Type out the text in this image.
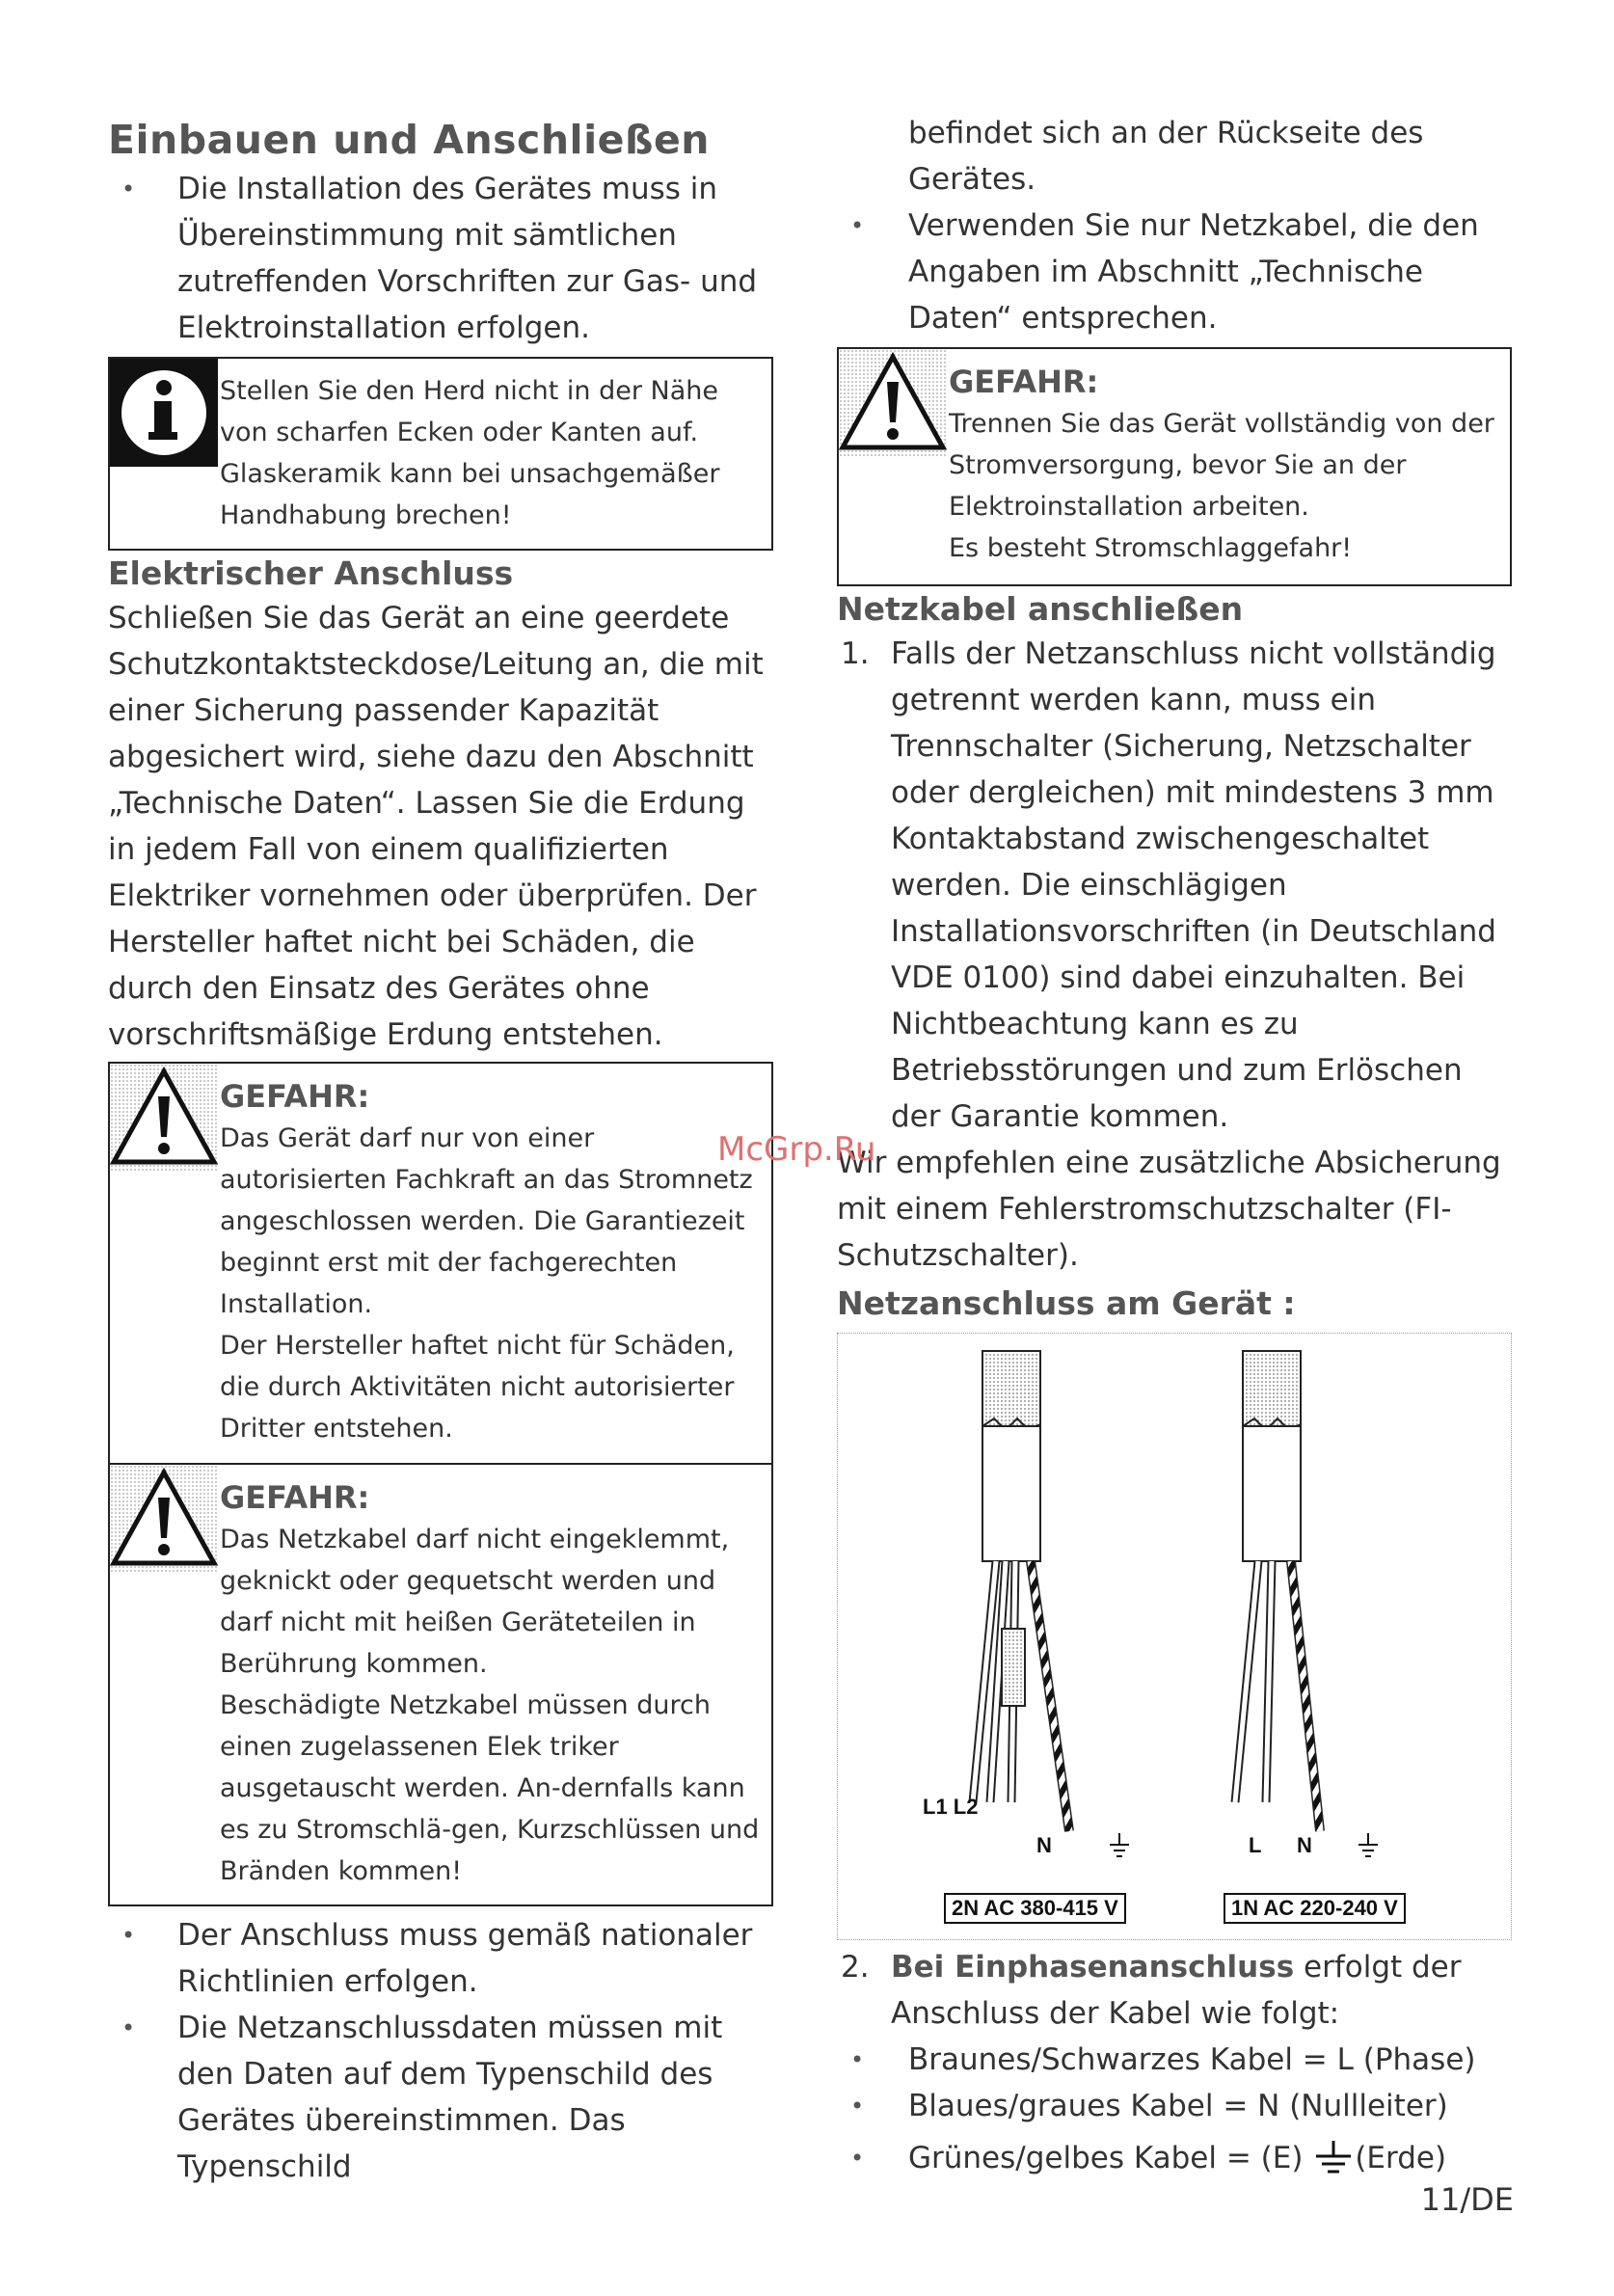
Einbauen und Anschließen
• Die Installation des Gerätes muss in Übereinstimmung mit sämtlichen zutreffenden Vorschriften zur Gas- und Elektroinstallation erfolgen.
Stellen Sie den Herd nicht in der Nähe von scharfen Ecken oder Kanten auf. Glaskeramik kann bei unsachgemäßer Handhabung brechen!
Elektrischer Anschluss
Schließen Sie das Gerät an eine geerdete Schutzkontaktsteckdose/Leitung an, die mit einer Sicherung passender Kapazität abgesichert wird, siehe dazu den Abschnitt „Technische Daten“. Lassen Sie die Erdung in jedem Fall von einem qualifizierten Elektriker vornehmen oder überprüfen. Der Hersteller haftet nicht bei Schäden, die durch den Einsatz des Gerätes ohne vorschriftsmäßige Erdung entstehen.
GEFAHR:
Das Gerät darf nur von einer autorisierten Fachkraft an das Stromnetz angeschlossen werden. Die Garantiezeit beginnt erst mit der fachgerechten Installation.
Der Hersteller haftet nicht für Schäden, die durch Aktivitäten nicht autorisierter Dritter entstehen.
GEFAHR:
Das Netzkabel darf nicht eingeklemmt, geknickt oder gequetscht werden und darf nicht mit heißen Geräteteilen in Berührung kommen.
Beschädigte Netzkabel müssen durch einen zugelassenen Elek triker ausgetauscht werden. An-dernfalls kann es zu Stromschlä-gen, Kurzschlüssen und Bränden kommen!
• Der Anschluss muss gemäß nationaler Richtlinien erfolgen.
• Die Netzanschlussdaten müssen mit den Daten auf dem Typenschild des Gerätes übereinstimmen. Das Typenschild
befindet sich an der Rückseite des Gerätes.
• Verwenden Sie nur Netzkabel, die den Angaben im Abschnitt „Technische Daten“ entsprechen.
GEFAHR:
Trennen Sie das Gerät vollständig von der Stromversorgung, bevor Sie an der Elektroinstallation arbeiten.
Es besteht Stromschlaggefahr!
Netzkabel anschließen
1. Falls der Netzanschluss nicht vollständig getrennt werden kann, muss ein Trennschalter (Sicherung, Netzschalter oder dergleichen) mit mindestens 3 mm Kontaktabstand zwischengeschaltet werden. Die einschlägigen Installationsvorschriften (in Deutschland VDE 0100) sind dabei einzuhalten. Bei Nichtbeachtung kann es zu Betriebsstörungen und zum Erlöschen der Garantie kommen.
Wir empfehlen eine zusätzliche Absicherung mit einem Fehlerstromschutzschalter (FI-Schutzschalter).
Netzanschluss am Gerät :
L1 L2
N
2N AC 380-415 V
L N
1N AC 220-240 V
2. Bei Einphasenanschluss erfolgt der Anschluss der Kabel wie folgt:
• Braunes/Schwarzes Kabel = L (Phase)
• Blaues/graues Kabel = N (Nullleiter)
• Grünes/gelbes Kabel = (E) (Erde)
McGrp.Ru
11/DE
